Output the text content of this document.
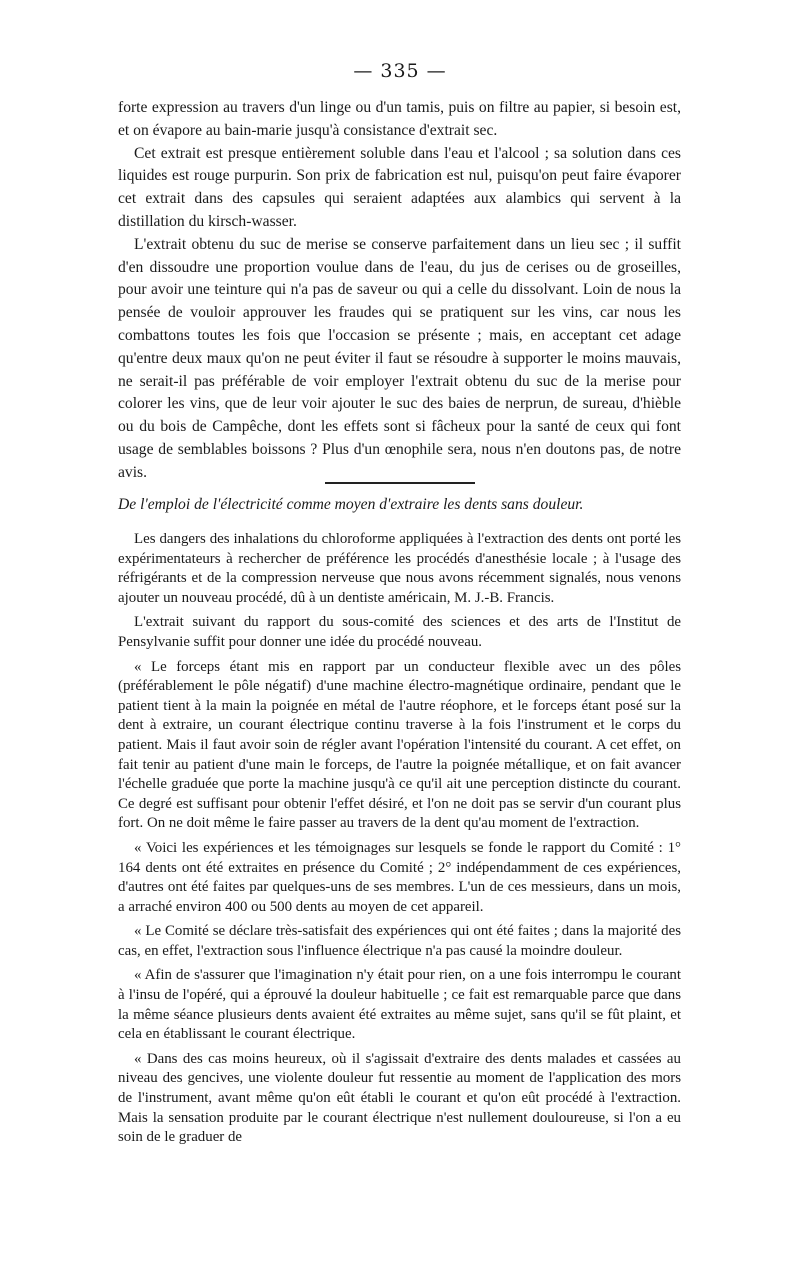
— 335 —

forte expression au travers d'un linge ou d'un tamis, puis on filtre au papier, si besoin est, et on évapore au bain-marie jusqu'à consistance d'extrait sec.

Cet extrait est presque entièrement soluble dans l'eau et l'alcool ; sa solution dans ces liquides est rouge purpurin. Son prix de fabrication est nul, puisqu'on peut faire évaporer cet extrait dans des capsules qui seraient adaptées aux alambics qui servent à la distillation du kirsch-wasser.

L'extrait obtenu du suc de merise se conserve parfaitement dans un lieu sec ; il suffit d'en dissoudre une proportion voulue dans de l'eau, du jus de cerises ou de groseilles, pour avoir une teinture qui n'a pas de saveur ou qui a celle du dissolvant. Loin de nous la pensée de vouloir approuver les fraudes qui se pratiquent sur les vins, car nous les combattons toutes les fois que l'occasion se présente ; mais, en acceptant cet adage qu'entre deux maux qu'on ne peut éviter il faut se résoudre à supporter le moins mauvais, ne serait-il pas préférable de voir employer l'extrait obtenu du suc de la merise pour colorer les vins, que de leur voir ajouter le suc des baies de nerprun, de sureau, d'hièble ou du bois de Campêche, dont les effets sont si fâcheux pour la santé de ceux qui font usage de semblables boissons ? Plus d'un œnophile sera, nous n'en doutons pas, de notre avis.

De l'emploi de l'électricité comme moyen d'extraire les dents sans douleur.

Les dangers des inhalations du chloroforme appliquées à l'extraction des dents ont porté les expérimentateurs à rechercher de préférence les procédés d'anesthésie locale ; à l'usage des réfrigérants et de la compression nerveuse que nous avons récemment signalés, nous venons ajouter un nouveau procédé, dû à un dentiste américain, M. J.-B. Francis.

L'extrait suivant du rapport du sous-comité des sciences et des arts de l'Institut de Pensylvanie suffit pour donner une idée du procédé nouveau.

« Le forceps étant mis en rapport par un conducteur flexible avec un des pôles (préférablement le pôle négatif) d'une machine électro-magnétique ordinaire, pendant que le patient tient à la main la poignée en métal de l'autre réophore, et le forceps étant posé sur la dent à extraire, un courant électrique continu traverse à la fois l'instrument et le corps du patient. Mais il faut avoir soin de régler avant l'opération l'intensité du courant. A cet effet, on fait tenir au patient d'une main le forceps, de l'autre la poignée métallique, et on fait avancer l'échelle graduée que porte la machine jusqu'à ce qu'il ait une perception distincte du courant. Ce degré est suffisant pour obtenir l'effet désiré, et l'on ne doit pas se servir d'un courant plus fort. On ne doit même le faire passer au travers de la dent qu'au moment de l'extraction.

« Voici les expériences et les témoignages sur lesquels se fonde le rapport du Comité : 1° 164 dents ont été extraites en présence du Comité ; 2° indépendamment de ces expériences, d'autres ont été faites par quelques-uns de ses membres. L'un de ces messieurs, dans un mois, a arraché environ 400 ou 500 dents au moyen de cet appareil.

« Le Comité se déclare très-satisfait des expériences qui ont été faites ; dans la majorité des cas, en effet, l'extraction sous l'influence électrique n'a pas causé la moindre douleur.

« Afin de s'assurer que l'imagination n'y était pour rien, on a une fois interrompu le courant à l'insu de l'opéré, qui a éprouvé la douleur habituelle ; ce fait est remarquable parce que dans la même séance plusieurs dents avaient été extraites au même sujet, sans qu'il se fût plaint, et cela en établissant le courant électrique.

« Dans des cas moins heureux, où il s'agissait d'extraire des dents malades et cassées au niveau des gencives, une violente douleur fut ressentie au moment de l'application des mors de l'instrument, avant même qu'on eût établi le courant et qu'on eût procédé à l'extraction. Mais la sensation produite par le courant électrique n'est nullement douloureuse, si l'on a eu soin de le graduer de
